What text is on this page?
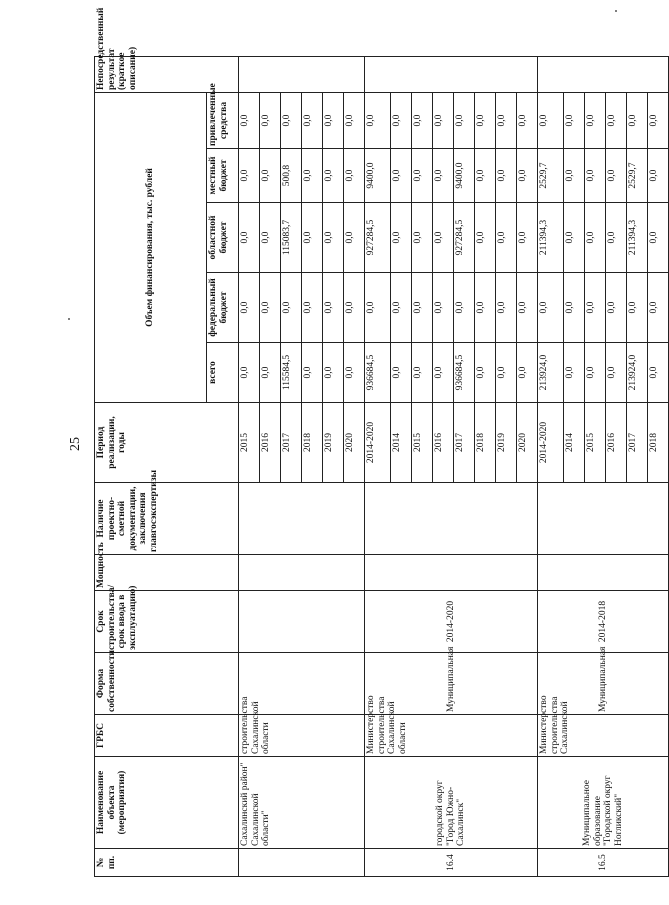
25
№ пп.	Наименование объекта (мероприятия)	ГРБС	Форма собственности	Срок строительства/срок ввода в эксплуатацию)	Мощность	Наличие проектно-сметной документации, заключения главгосэкспертизы	Период реализации, годы	Объем финансирования, тыс. рублей					Непосредственный результат (краткое описание)
								всего	федеральный бюджет	областной бюджет	местный бюджет	привлеченные средства	
	Сахалинский район" Сахалинской области"	строительства Сахалинской области					2015	0,0	0,0	0,0	0,0	0,0	
							2016	0,0	0,0	0,0	0,0	0,0	
							2017	115584,5	0,0	115083,7	500,8	0,0	
							2018	0,0	0,0	0,0	0,0	0,0	
							2019	0,0	0,0	0,0	0,0	0,0	
							2020	0,0	0,0	0,0	0,0	0,0	
16.4	городской округ "Город Южно-Сахалинск"	Министерство строительства Сахалинской области	Муниципальная	2014-2020			2014-2020	936684,5	0,0	927284,5	9400,0	0,0	
							2014	0,0	0,0	0,0	0,0	0,0	
							2015	0,0	0,0	0,0	0,0	0,0	
							2016	0,0	0,0	0,0	0,0	0,0	
							2017	936684,5	0,0	927284,5	9400,0	0,0	
							2018	0,0	0,0	0,0	0,0	0,0	
							2019	0,0	0,0	0,0	0,0	0,0	
							2020	0,0	0,0	0,0	0,0	0,0	
16.5	Муниципальное образование "Городской округ Ногликский"	Министерство строительства Сахалинской	Муниципальная	2014-2018			2014-2020	213924,0	0,0	211394,3	2529,7	0,0	
							2014	0,0	0,0	0,0	0,0	0,0	
							2015	0,0	0,0	0,0	0,0	0,0	
							2016	0,0	0,0	0,0	0,0	0,0	
							2017	213924,0	0,0	211394,3	2529,7	0,0	
							2018	0,0	0,0	0,0	0,0	0,0	
